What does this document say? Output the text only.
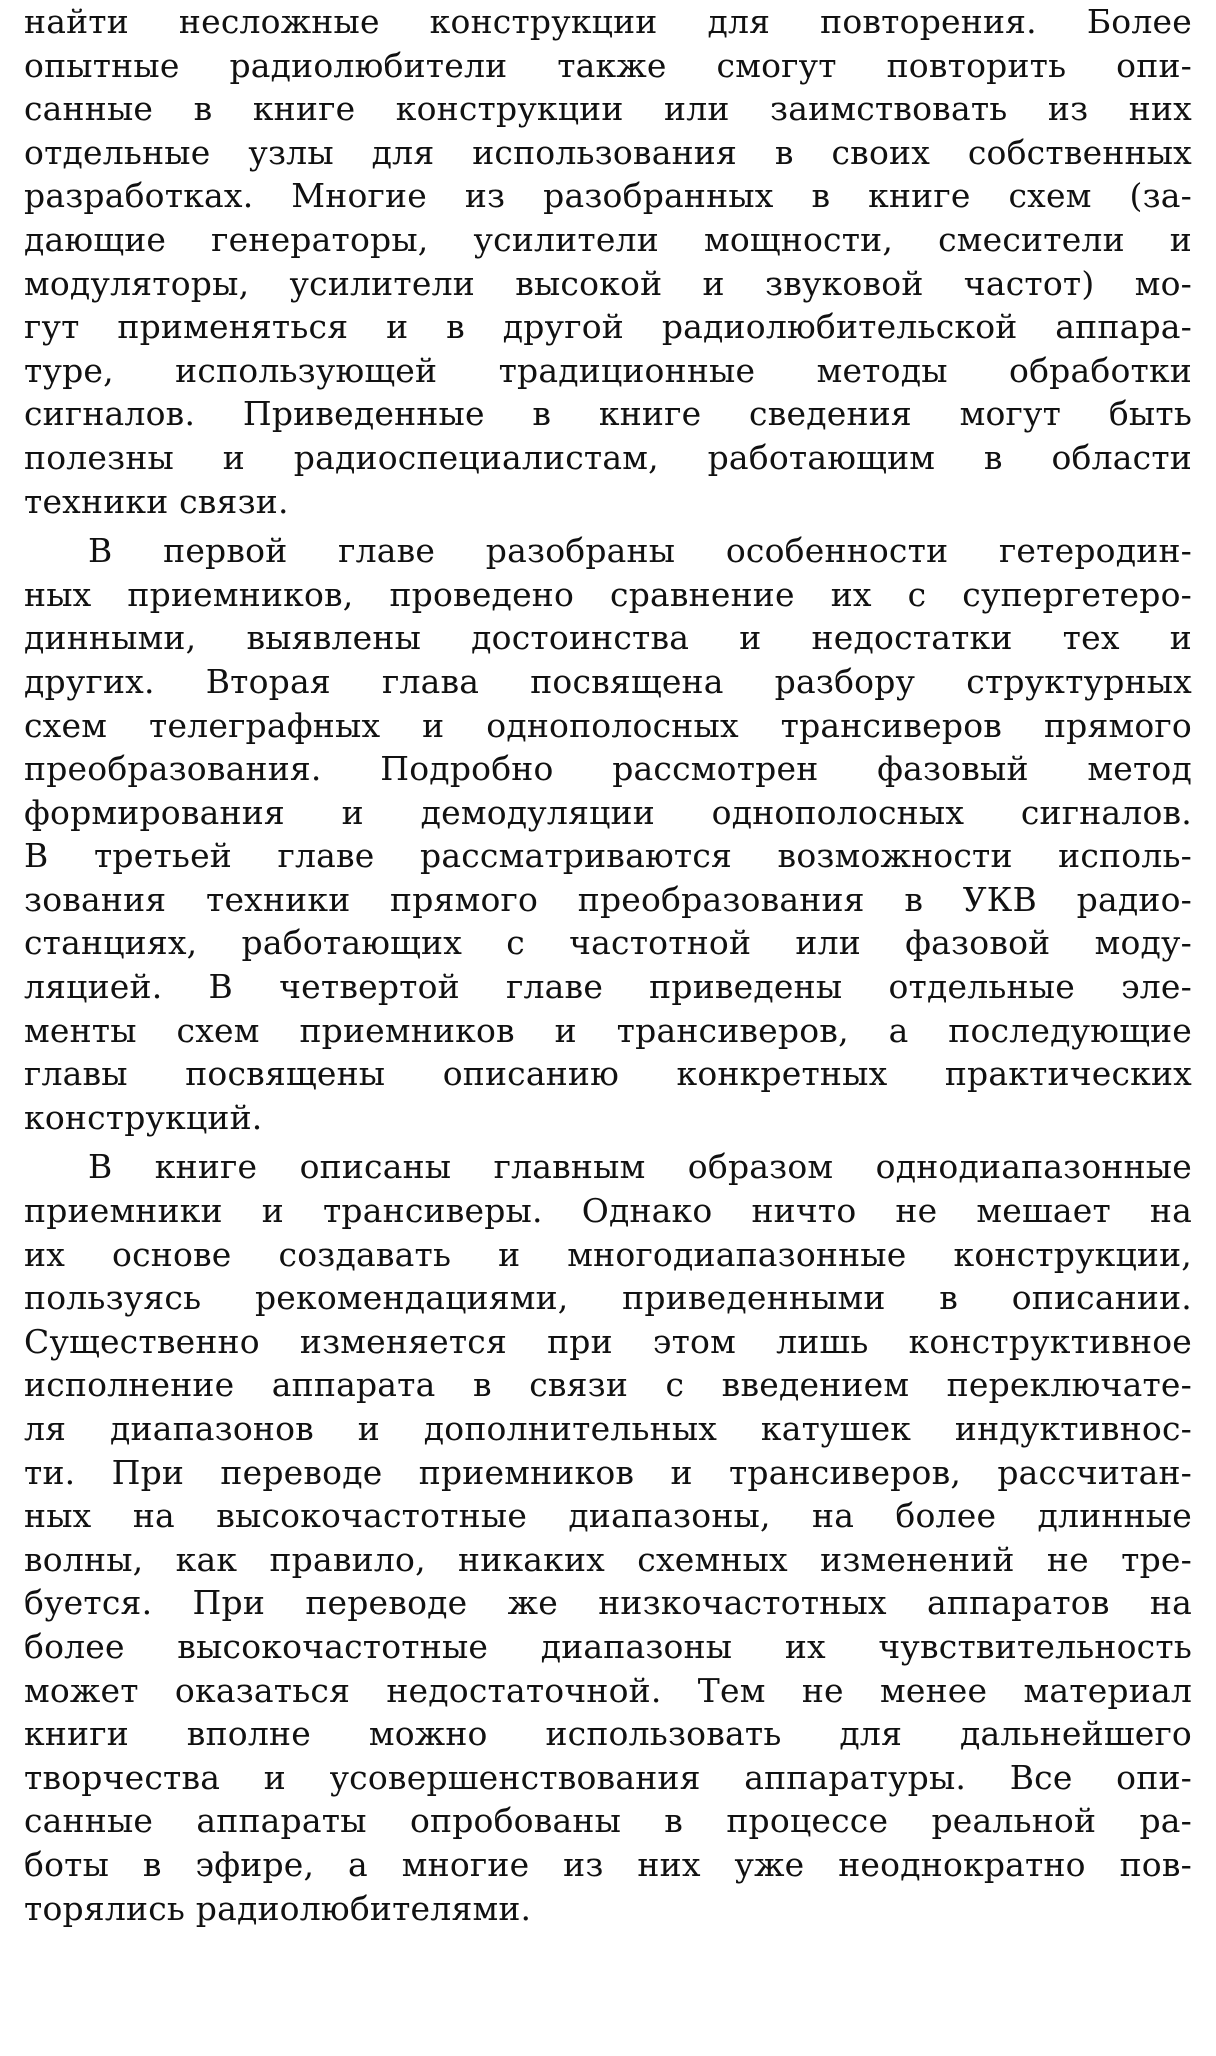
найти несложные конструкции для повторения. Более
опытные радиолюбители также смогут повторить опи-
санные в книге конструкции или заимствовать из них
отдельные узлы для использования в своих собственных
разработках. Многие из разобранных в книге схем (за-
дающие генераторы, усилители мощности, смесители и
модуляторы, усилители высокой и звуковой частот) мо-
гут применяться и в другой радиолюбительской аппара-
туре, использующей традиционные методы обработки
сигналов. Приведенные в книге сведения могут быть
полезны и радиоспециалистам, работающим в области
техники связи.
В первой главе разобраны особенности гетеродин-
ных приемников, проведено сравнение их с супергетеро-
динными, выявлены достоинства и недостатки тех и
других. Вторая глава посвящена разбору структурных
схем телеграфных и однополосных трансиверов прямого
преобразования. Подробно рассмотрен фазовый метод
формирования и демодуляции однополосных сигналов.
В третьей главе рассматриваются возможности исполь-
зования техники прямого преобразования в УКВ радио-
станциях, работающих с частотной или фазовой моду-
ляцией. В четвертой главе приведены отдельные эле-
менты схем приемников и трансиверов, а последующие
главы посвящены описанию конкретных практических
конструкций.
В книге описаны главным образом однодиапазонные
приемники и трансиверы. Однако ничто не мешает на
их основе создавать и многодиапазонные конструкции,
пользуясь рекомендациями, приведенными в описании.
Существенно изменяется при этом лишь конструктивное
исполнение аппарата в связи с введением переключате-
ля диапазонов и дополнительных катушек индуктивнос-
ти. При переводе приемников и трансиверов, рассчитан-
ных на высокочастотные диапазоны, на более длинные
волны, как правило, никаких схемных изменений не тре-
буется. При переводе же низкочастотных аппаратов на
более высокочастотные диапазоны их чувствительность
может оказаться недостаточной. Тем не менее материал
книги вполне можно использовать для дальнейшего
творчества и усовершенствования аппаратуры. Все опи-
санные аппараты опробованы в процессе реальной ра-
боты в эфире, а многие из них уже неоднократно пов-
торялись радиолюбителями.
